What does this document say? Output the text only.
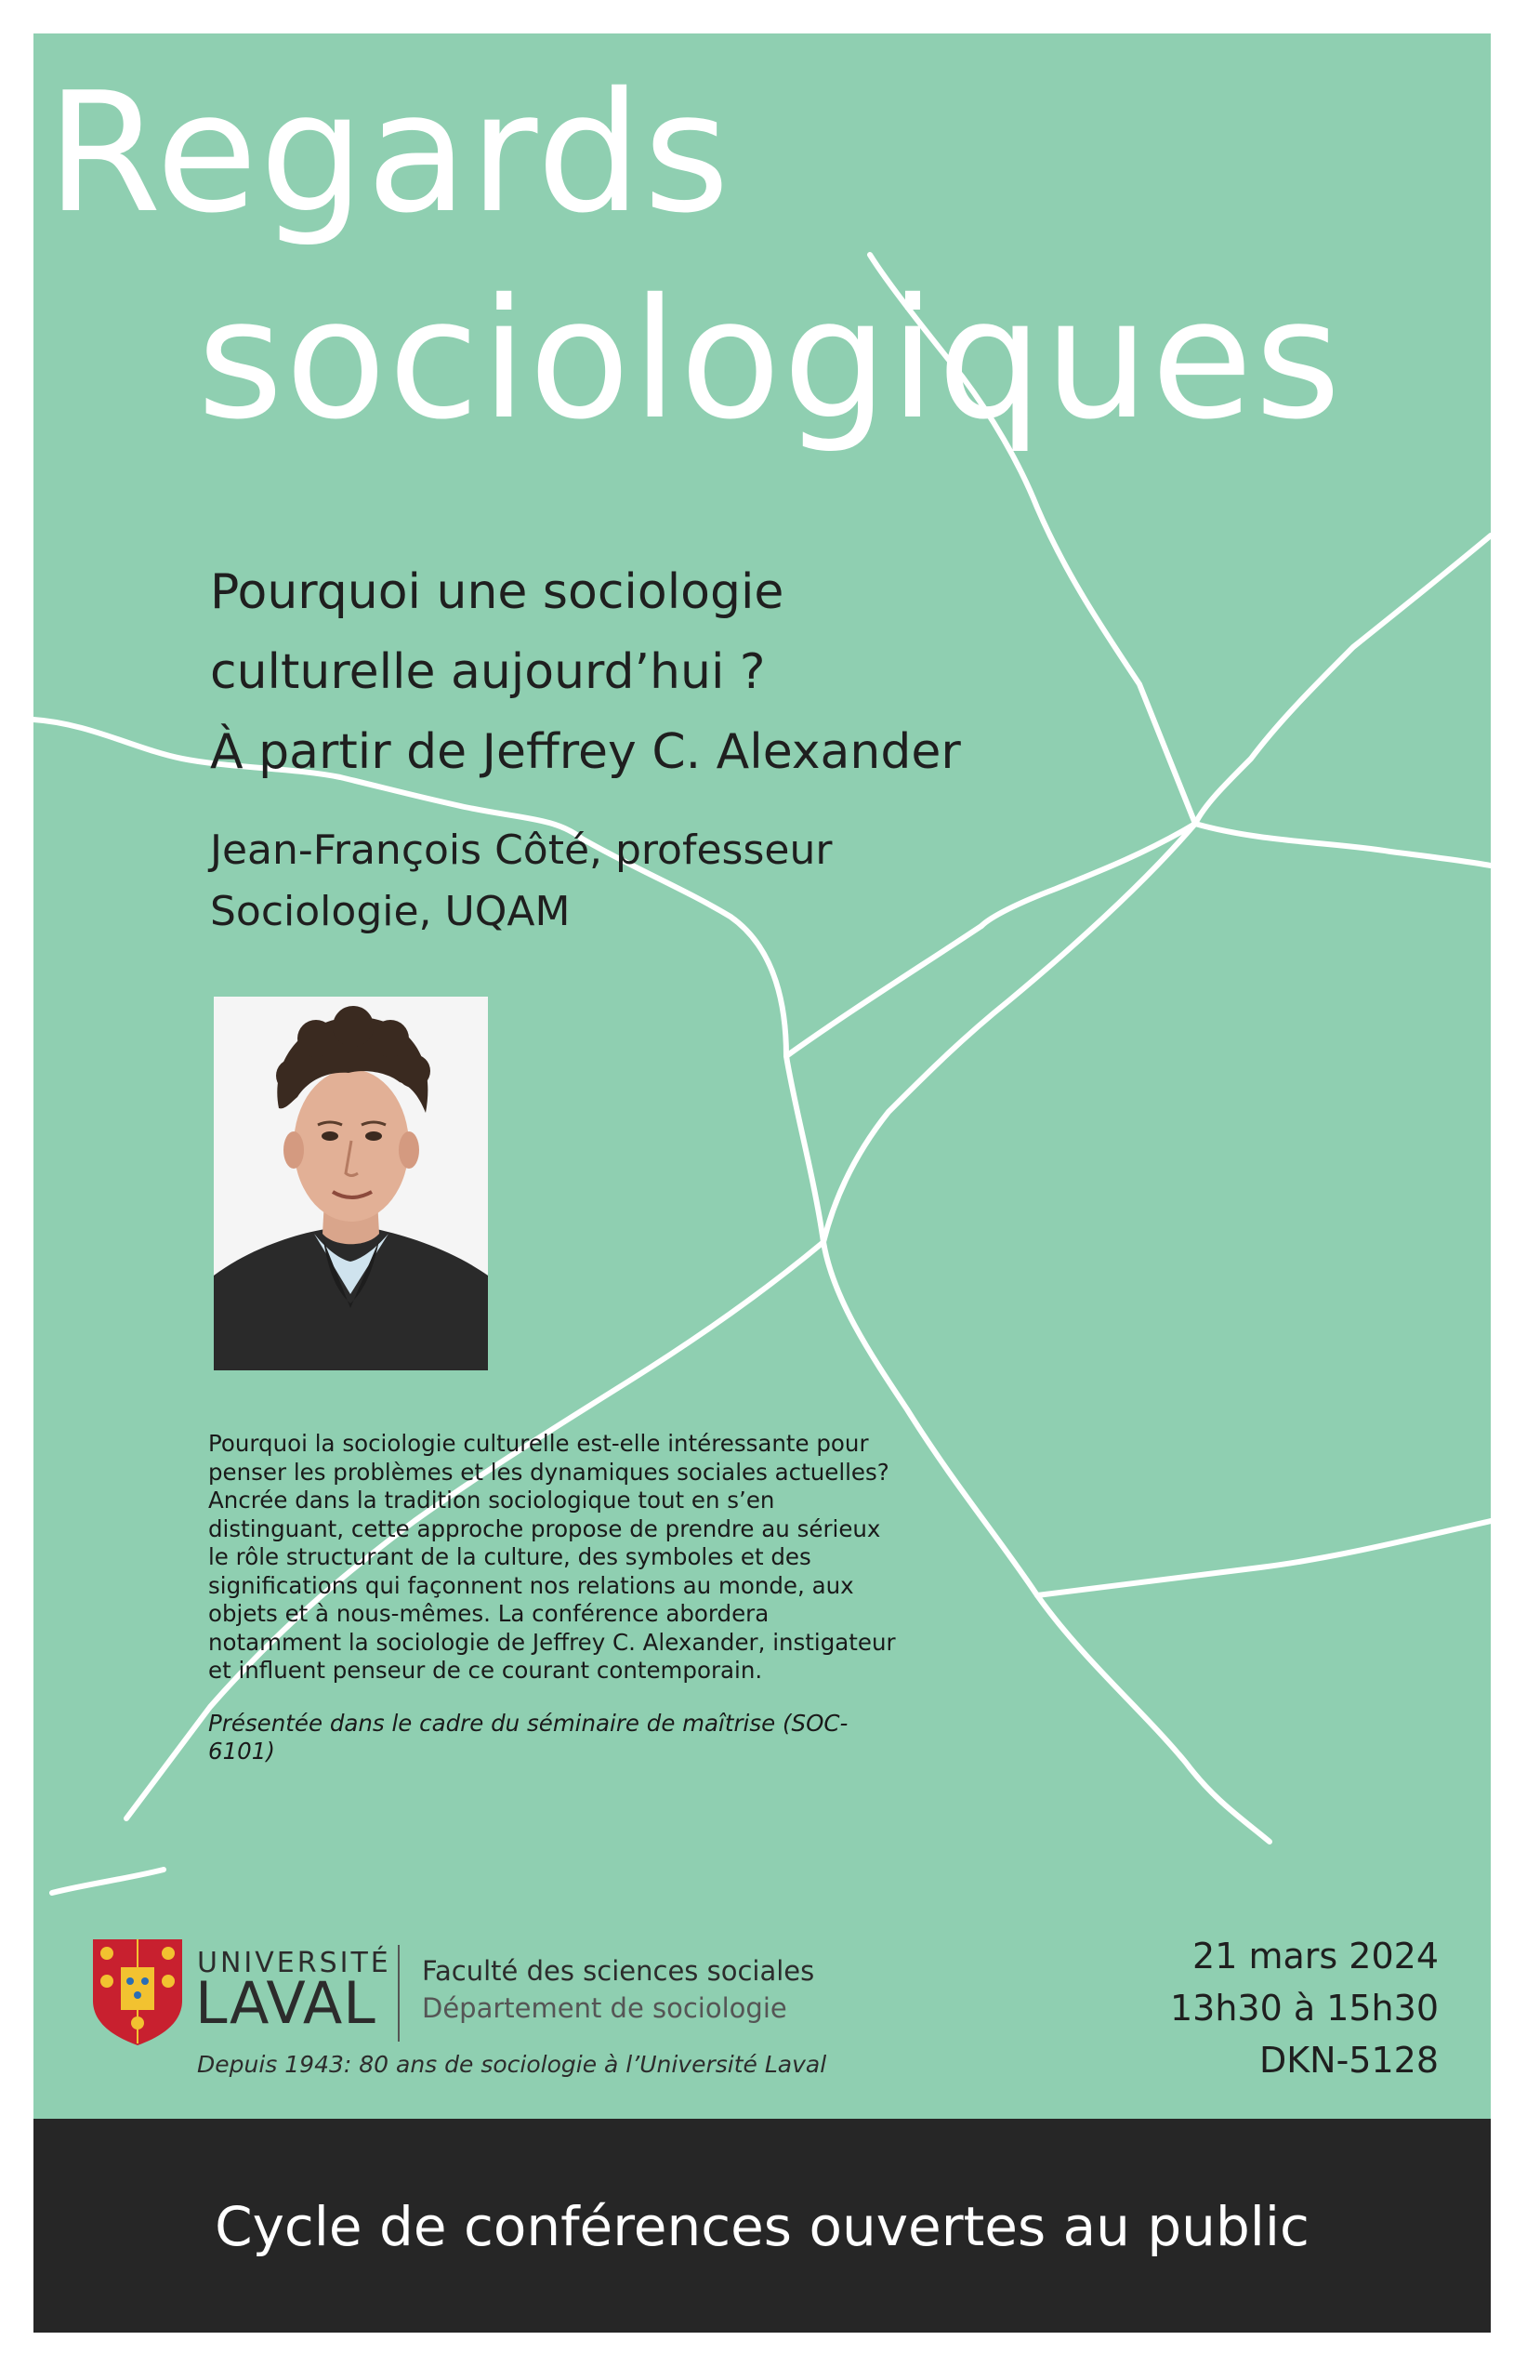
Regards
sociologiques
Pourquoi une sociologie
culturelle aujourd’hui ?
À partir de Jeffrey C. Alexander
Jean-François Côté, professeur
Sociologie, UQAM

Pourquoi la sociologie culturelle est-elle intéressante pour penser les problèmes et les dynamiques sociales actuelles? Ancrée dans la tradition sociologique tout en s’en distinguant, cette approche propose de prendre au sérieux le rôle structurant de la culture, des symboles et des significations qui façonnent nos relations au monde, aux objets et à nous-mêmes. La conférence abordera notamment la sociologie de Jeffrey C. Alexander, instigateur et influent penseur de ce courant contemporain.

Présentée dans le cadre du séminaire de maîtrise (SOC-6101)

UNIVERSITÉ
LAVAL Faculté des sciences sociales
Département de sociologie
Depuis 1943: 80 ans de sociologie à l’Université Laval
21 mars 2024
13h30 à 15h30
DKN-5128
Cycle de conférences ouvertes au public
